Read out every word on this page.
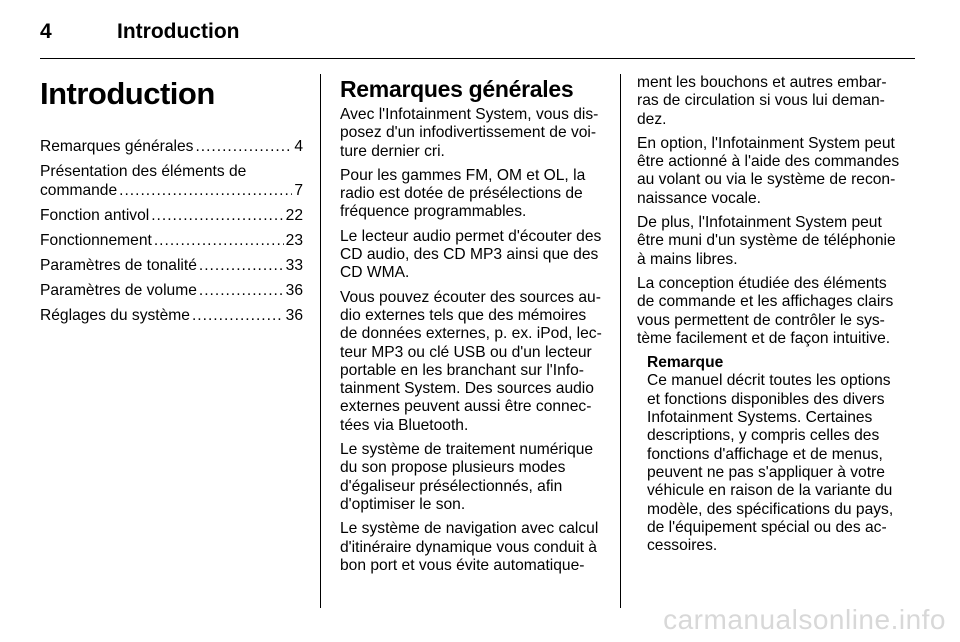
4	Introduction
Introduction
Remarques générales .....	4
Présentation des éléments de
commande .....	7
Fonction antivol .....	22
Fonctionnement .....	23
Paramètres de tonalité .....	33
Paramètres de volume .....	36
Réglages du système .....	36
Remarques générales

Avec l'Infotainment System, vous dis-posez d'un infodivertissement de voi-ture dernier cri.

Pour les gammes FM, OM et OL, la radio est dotée de présélections de fréquence programmables.

Le lecteur audio permet d'écouter des CD audio, des CD MP3 ainsi que des CD WMA.

Vous pouvez écouter des sources au-dio externes tels que des mémoires de données externes, p. ex. iPod, lec-teur MP3 ou clé USB ou d'un lecteur portable en les branchant sur l'Info-tainment System. Des sources audio externes peuvent aussi être connec-tées via Bluetooth.

Le système de traitement numérique du son propose plusieurs modes d'égaliseur présélectionnés, afin d'optimiser le son.

Le système de navigation avec calcul d'itinéraire dynamique vous conduit à bon port et vous évite automatique-

ment les bouchons et autres embar-ras de circulation si vous lui deman-dez.

En option, l'Infotainment System peut être actionné à l'aide des commandes au volant ou via le système de recon-naissance vocale.

De plus, l'Infotainment System peut être muni d'un système de téléphonie à mains libres.

La conception étudiée des éléments de commande et les affichages clairs vous permettent de contrôler le sys-tème facilement et de façon intuitive.

Remarque

Ce manuel décrit toutes les options et fonctions disponibles des divers Infotainment Systems. Certaines descriptions, y compris celles des fonctions d'affichage et de menus, peuvent ne pas s'appliquer à votre véhicule en raison de la variante du modèle, des spécifications du pays, de l'équipement spécial ou des ac-cessoires.

carmanualsonline.info
